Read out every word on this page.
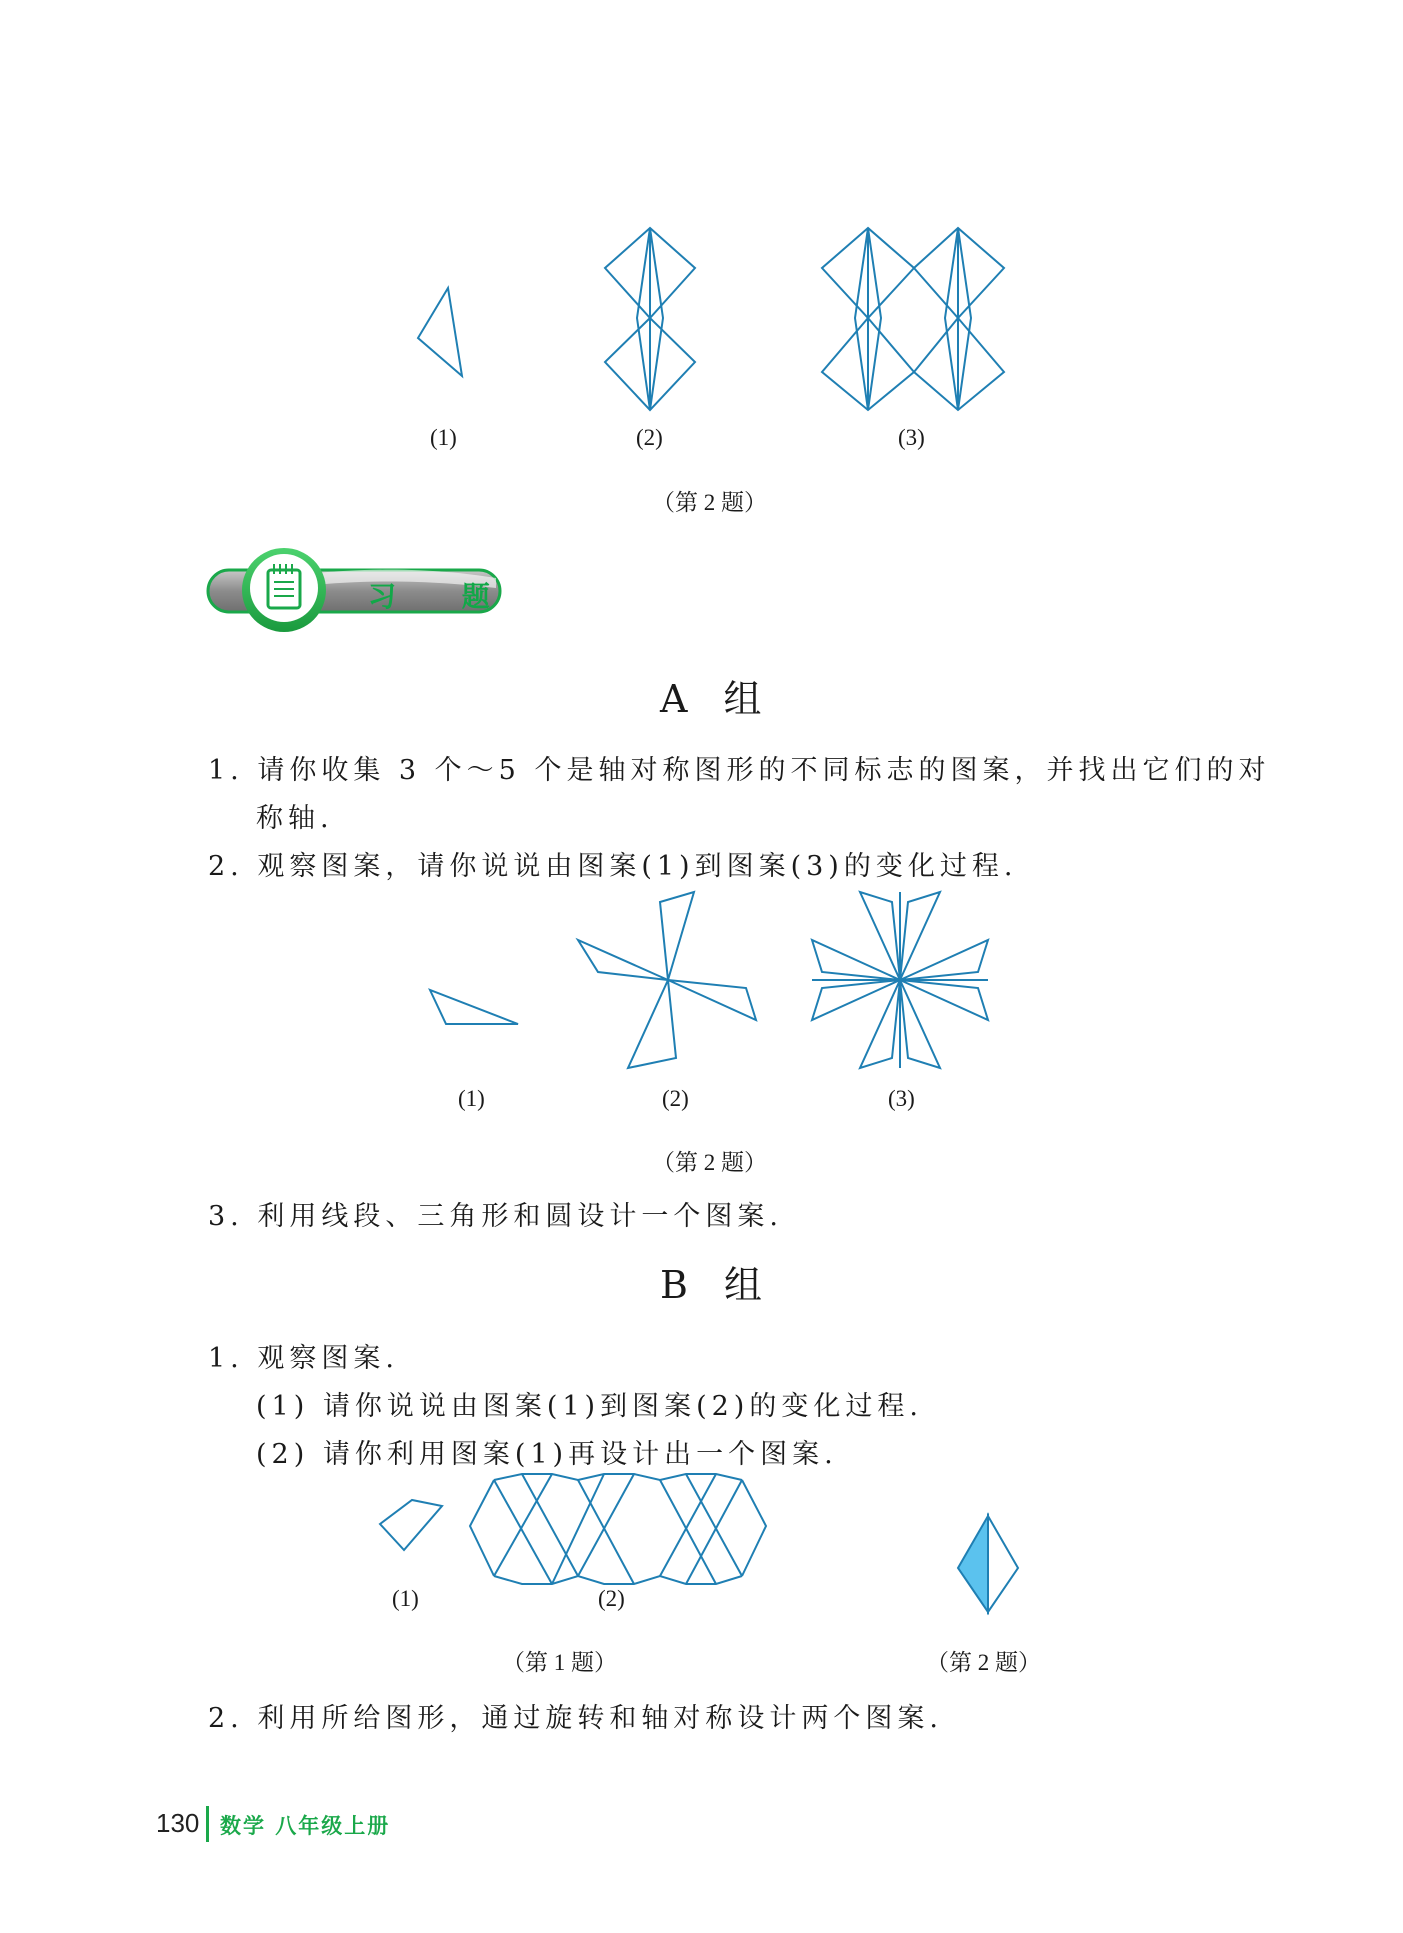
(1)	(2)	(3)
（第 2 题）
习 题
A 组
1. 请你收集 3 个～5 个是轴对称图形的不同标志的图案，并找出它们的对
称轴.
2. 观察图案，请你说说由图案(1)到图案(3)的变化过程.
(1)	(2)	(3)
（第 2 题）
3. 利用线段、三角形和圆设计一个图案.
B 组
1. 观察图案.
(1) 请你说说由图案(1)到图案(2)的变化过程.
(2) 请你利用图案(1)再设计出一个图案.
(1)	(2)
（第 1 题）	（第 2 题）
2. 利用所给图形，通过旋转和轴对称设计两个图案.
130 数学 八年级上册
